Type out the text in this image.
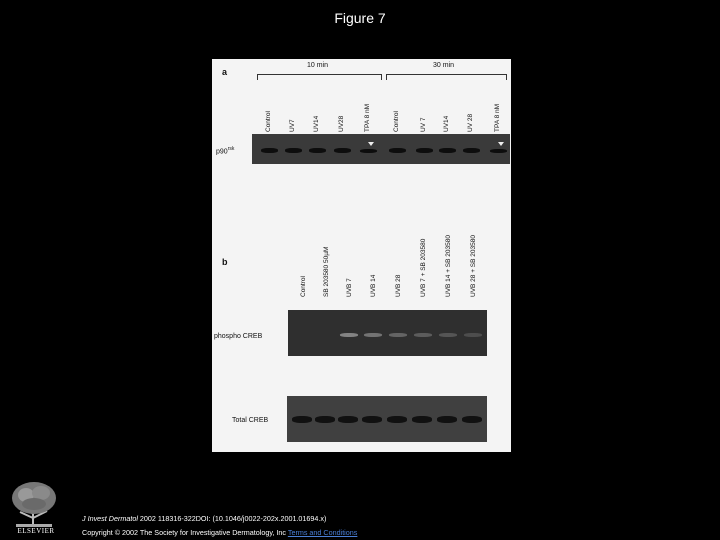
Figure 7
a
10 min	30 min
Control	UV7	UV14	UV28	TPA 8 nM	Control	UV 7 UV14	UV 28	TPA 8 nM
$p90^{rsk}$
b
Control SB 203580 50µM UVB 7	UVB 14	UVB 28	UVB 7 + SB 203580	UVB 14 + SB 203580	UVB 28 + SB 203580
phospho CREB
Total CREB
ELSEVIER
J Invest Dermatol 2002 118316-322DOI: (10.1046/j0022-202x.2001.01694.x)
Copyright © 2002 The Society for Investigative Dermatology, Inc Terms and Conditions
